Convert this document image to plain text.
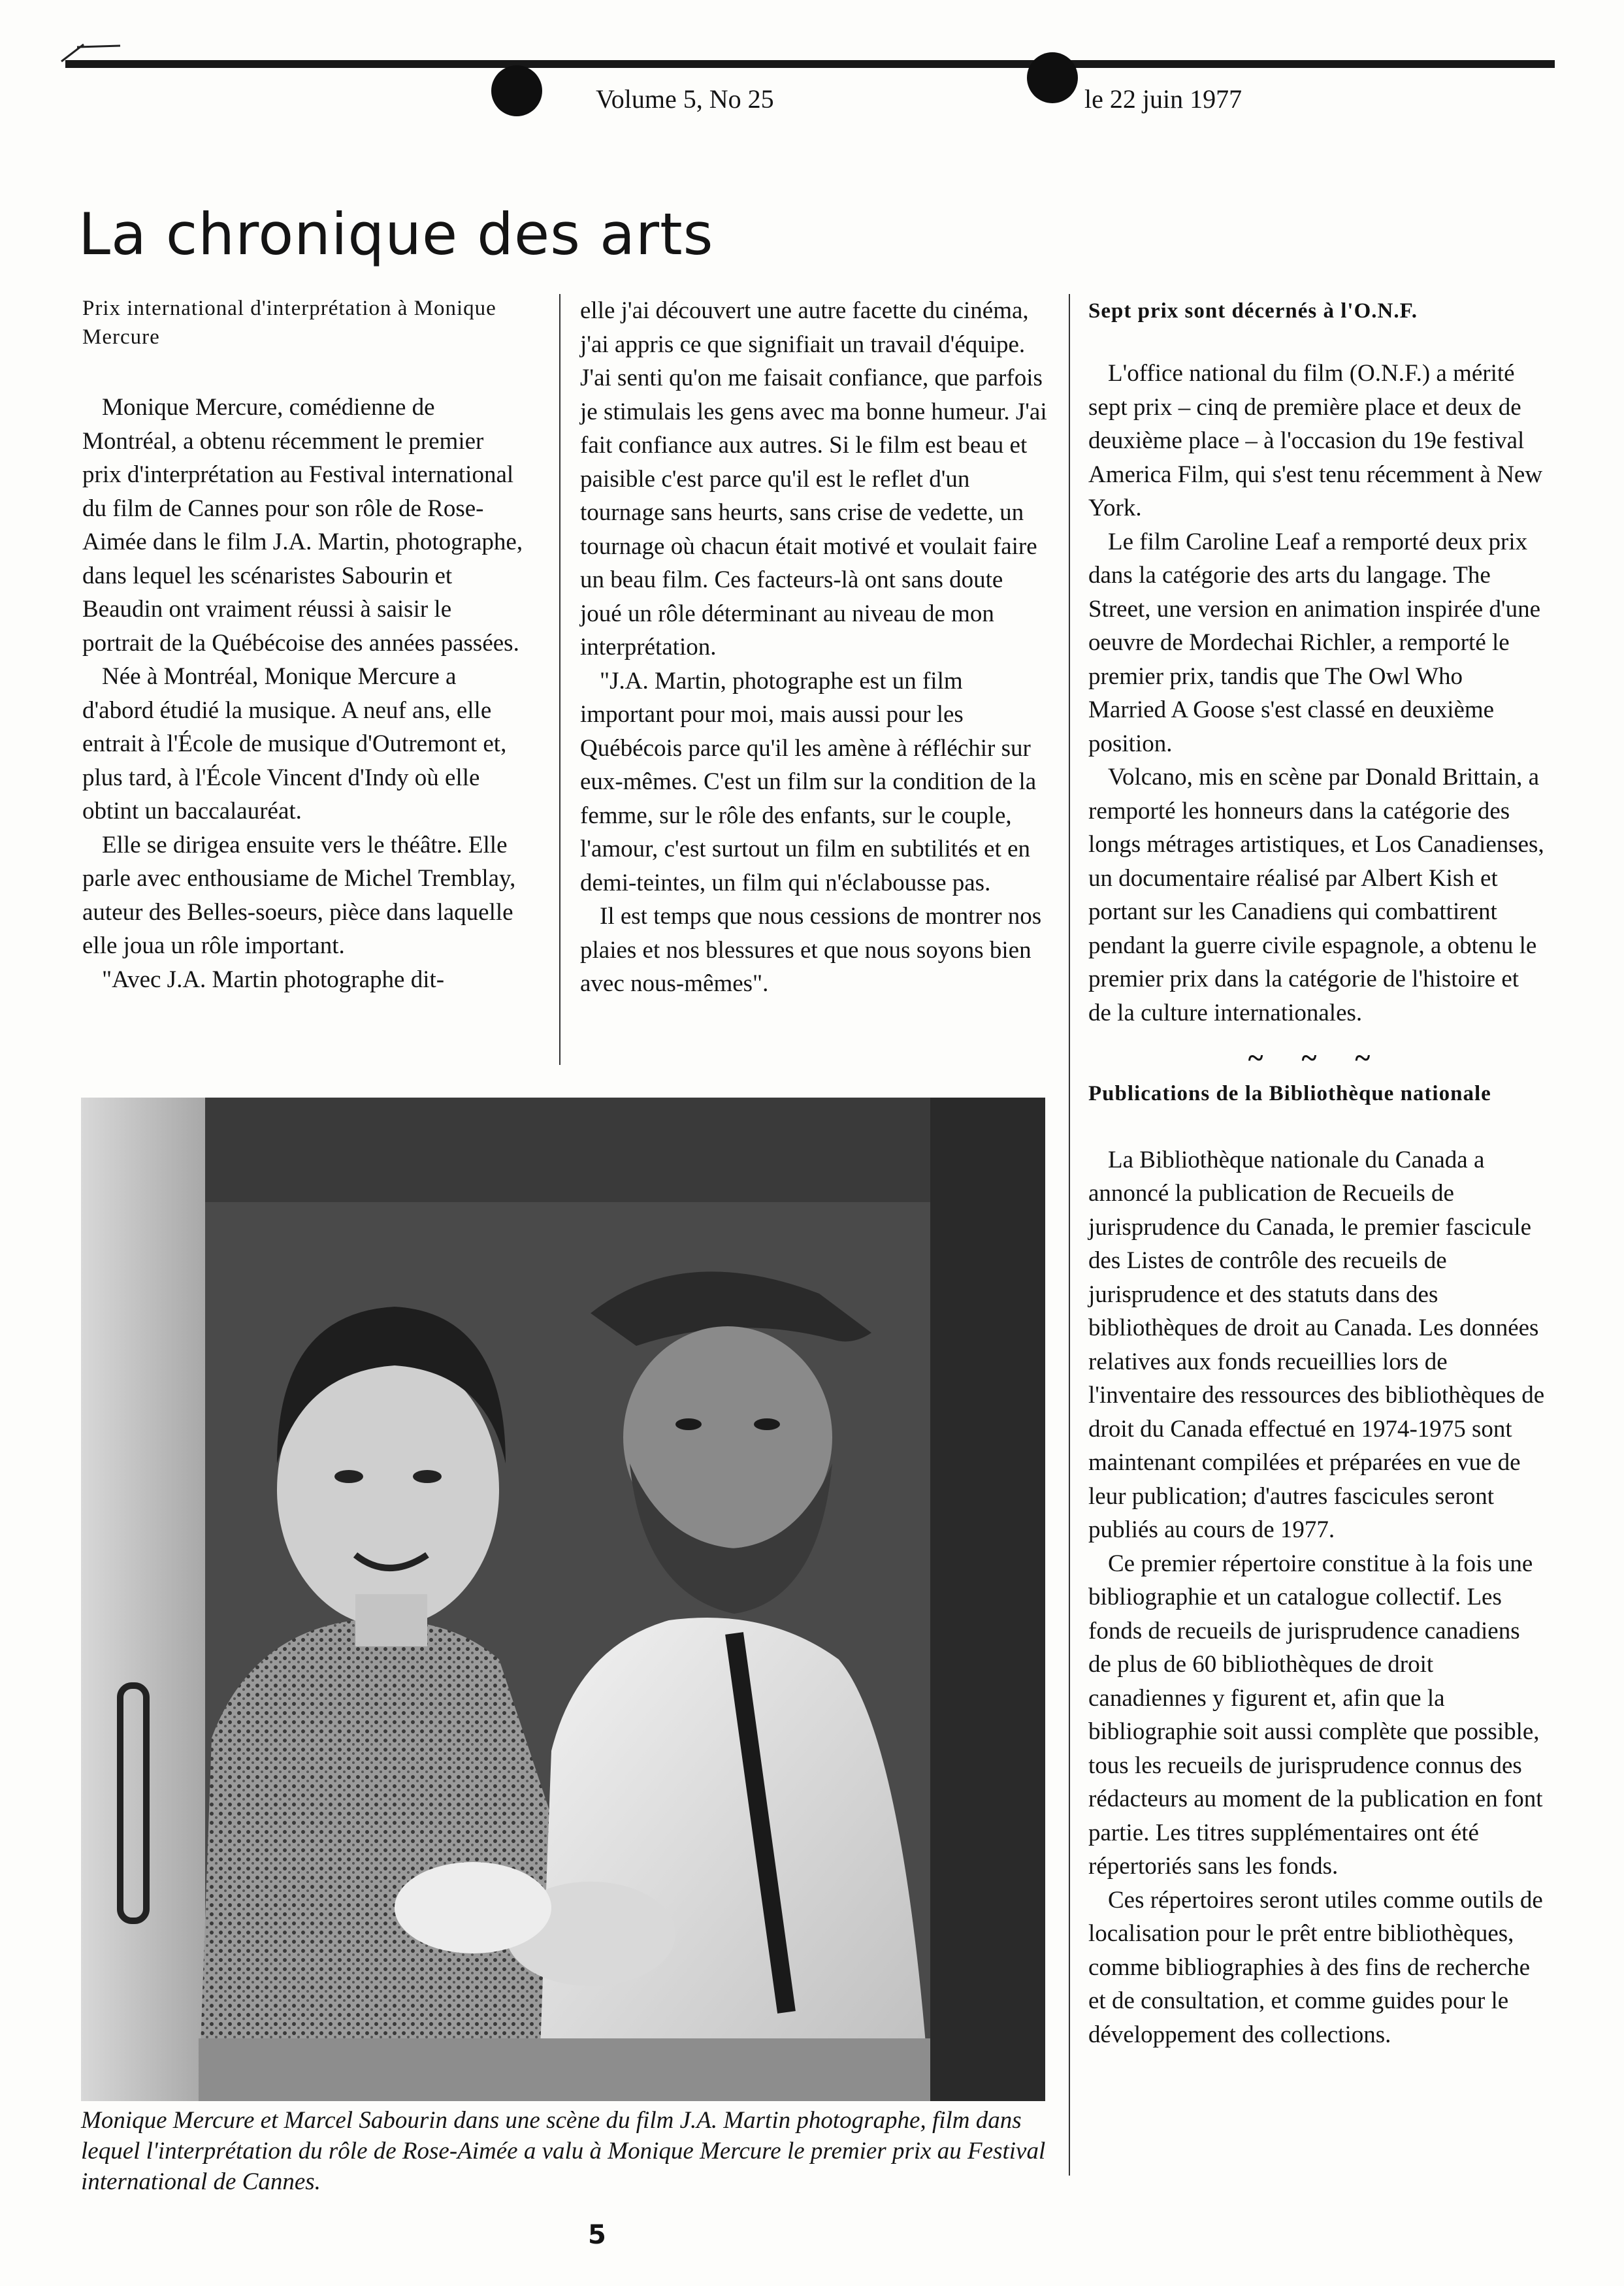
Volume 5, No 25	le 22 juin 1977
La chronique des arts

Prix international d'interprétation à Monique Mercure

Monique Mercure, comédienne de Montréal, a obtenu récemment le premier prix d'interprétation au Festival international du film de Cannes pour son rôle de Rose-Aimée dans le film J.A. Martin, photographe, dans lequel les scénaristes Sabourin et Beaudin ont vraiment réussi à saisir le portrait de la Québécoise des années passées.

Née à Montréal, Monique Mercure a d'abord étudié la musique. A neuf ans, elle entrait à l'École de musique d'Outremont et, plus tard, à l'École Vincent d'Indy où elle obtint un baccalauréat.

Elle se dirigea ensuite vers le théâtre. Elle parle avec enthousiame de Michel Tremblay, auteur des Belles-soeurs, pièce dans laquelle elle joua un rôle important.

"Avec J.A. Martin photographe dit-

elle j'ai découvert une autre facette du cinéma, j'ai appris ce que signifiait un travail d'équipe. J'ai senti qu'on me faisait confiance, que parfois je stimulais les gens avec ma bonne humeur. J'ai fait confiance aux autres. Si le film est beau et paisible c'est parce qu'il est le reflet d'un tournage sans heurts, sans crise de vedette, un tournage où chacun était motivé et voulait faire un beau film. Ces facteurs-là ont sans doute joué un rôle déterminant au niveau de mon interprétation.

"J.A. Martin, photographe est un film important pour moi, mais aussi pour les Québécois parce qu'il les amène à réfléchir sur eux-mêmes. C'est un film sur la condition de la femme, sur le rôle des enfants, sur le couple, l'amour, c'est surtout un film en subtilités et en demi-teintes, un film qui n'éclabousse pas.

Il est temps que nous cessions de montrer nos plaies et nos blessures et que nous soyons bien avec nous-mêmes".

Sept prix sont décernés à l'O.N.F.

L'office national du film (O.N.F.) a mérité sept prix – cinq de première place et deux de deuxième place – à l'occasion du 19e festival America Film, qui s'est tenu récemment à New York.

Le film Caroline Leaf a remporté deux prix dans la catégorie des arts du langage. The Street, une version en animation inspirée d'une oeuvre de Mordechai Richler, a remporté le premier prix, tandis que The Owl Who Married A Goose s'est classé en deuxième position.

Volcano, mis en scène par Donald Brittain, a remporté les honneurs dans la catégorie des longs métrages artistiques, et Los Canadienses, un documentaire réalisé par Albert Kish et portant sur les Canadiens qui combattirent pendant la guerre civile espagnole, a obtenu le premier prix dans la catégorie de l'histoire et de la culture internationales.

~ ~ ~

Publications de la Bibliothèque nationale

La Bibliothèque nationale du Canada a annoncé la publication de Recueils de jurisprudence du Canada, le premier fascicule des Listes de contrôle des recueils de jurisprudence et des statuts dans des bibliothèques de droit au Canada. Les données relatives aux fonds recueillies lors de l'inventaire des ressources des bibliothèques de droit du Canada effectué en 1974-1975 sont maintenant compilées et préparées en vue de leur publication; d'autres fascicules seront publiés au cours de 1977.

Ce premier répertoire constitue à la fois une bibliographie et un catalogue collectif. Les fonds de recueils de jurisprudence canadiens de plus de 60 bibliothèques de droit canadiennes y figurent et, afin que la bibliographie soit aussi complète que possible, tous les recueils de jurisprudence connus des rédacteurs au moment de la publication en font partie. Les titres supplémentaires ont été répertoriés sans les fonds.

Ces répertoires seront utiles comme outils de localisation pour le prêt entre bibliothèques, comme bibliographies à des fins de recherche et de consultation, et comme guides pour le développement des collections.

Monique Mercure et Marcel Sabourin dans une scène du film J.A. Martin photographe, film dans lequel l'interprétation du rôle de Rose-Aimée a valu à Monique Mercure le premier prix au Festival international de Cannes.
5
